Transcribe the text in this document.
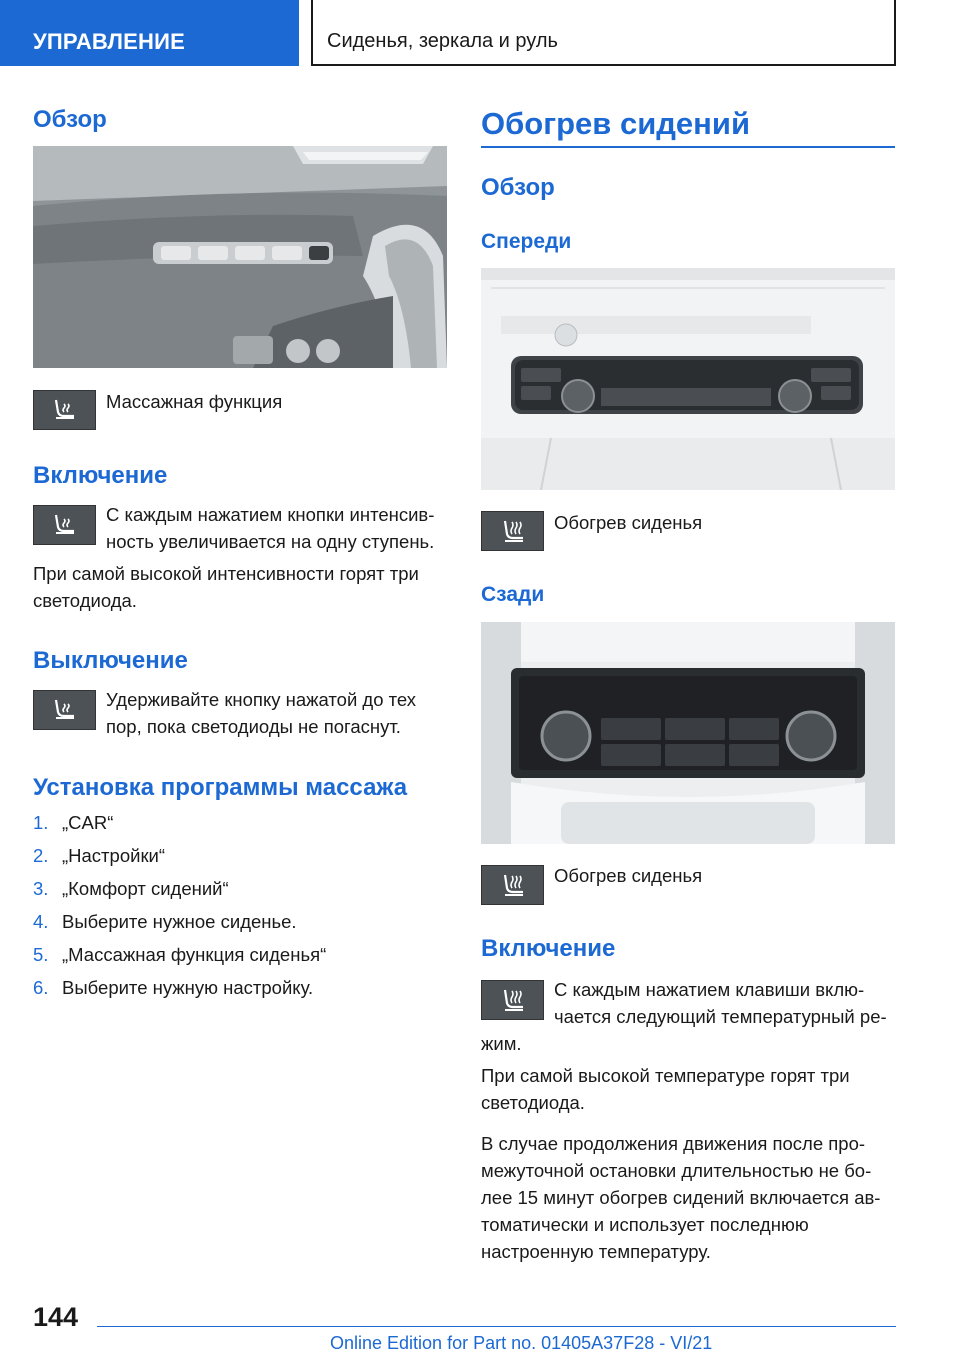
УПРАВЛЕНИЕ	Сиденья, зеркала и руль
Обзор
Массажная функция
Включение
С каждым нажатием кнопки интенсив-
ность увеличивается на одну ступень.
При самой высокой интенсивности горят три
светодиода.
Выключение
Удерживайте кнопку нажатой до тех
пор, пока светодиоды не погаснут.
Установка программы массажа
1. „CAR“
2. „Настройки“
3. „Комфорт сидений“
4. Выберите нужное сиденье.
5. „Массажная функция сиденья“
6. Выберите нужную настройку.
Обогрев сидений
Обзор
Спереди
Обогрев сиденья
Сзади
Обогрев сиденья
Включение
С каждым нажатием клавиши вклю-
чается следующий температурный ре-
жим.
При самой высокой температуре горят три
светодиода.
В случае продолжения движения после про-
межуточной остановки длительностью не бо-
лее 15 минут обогрев сидений включается ав-
томатически и использует последнюю
настроенную температуру.
144
Online Edition for Part no. 01405A37F28 - VI/21
